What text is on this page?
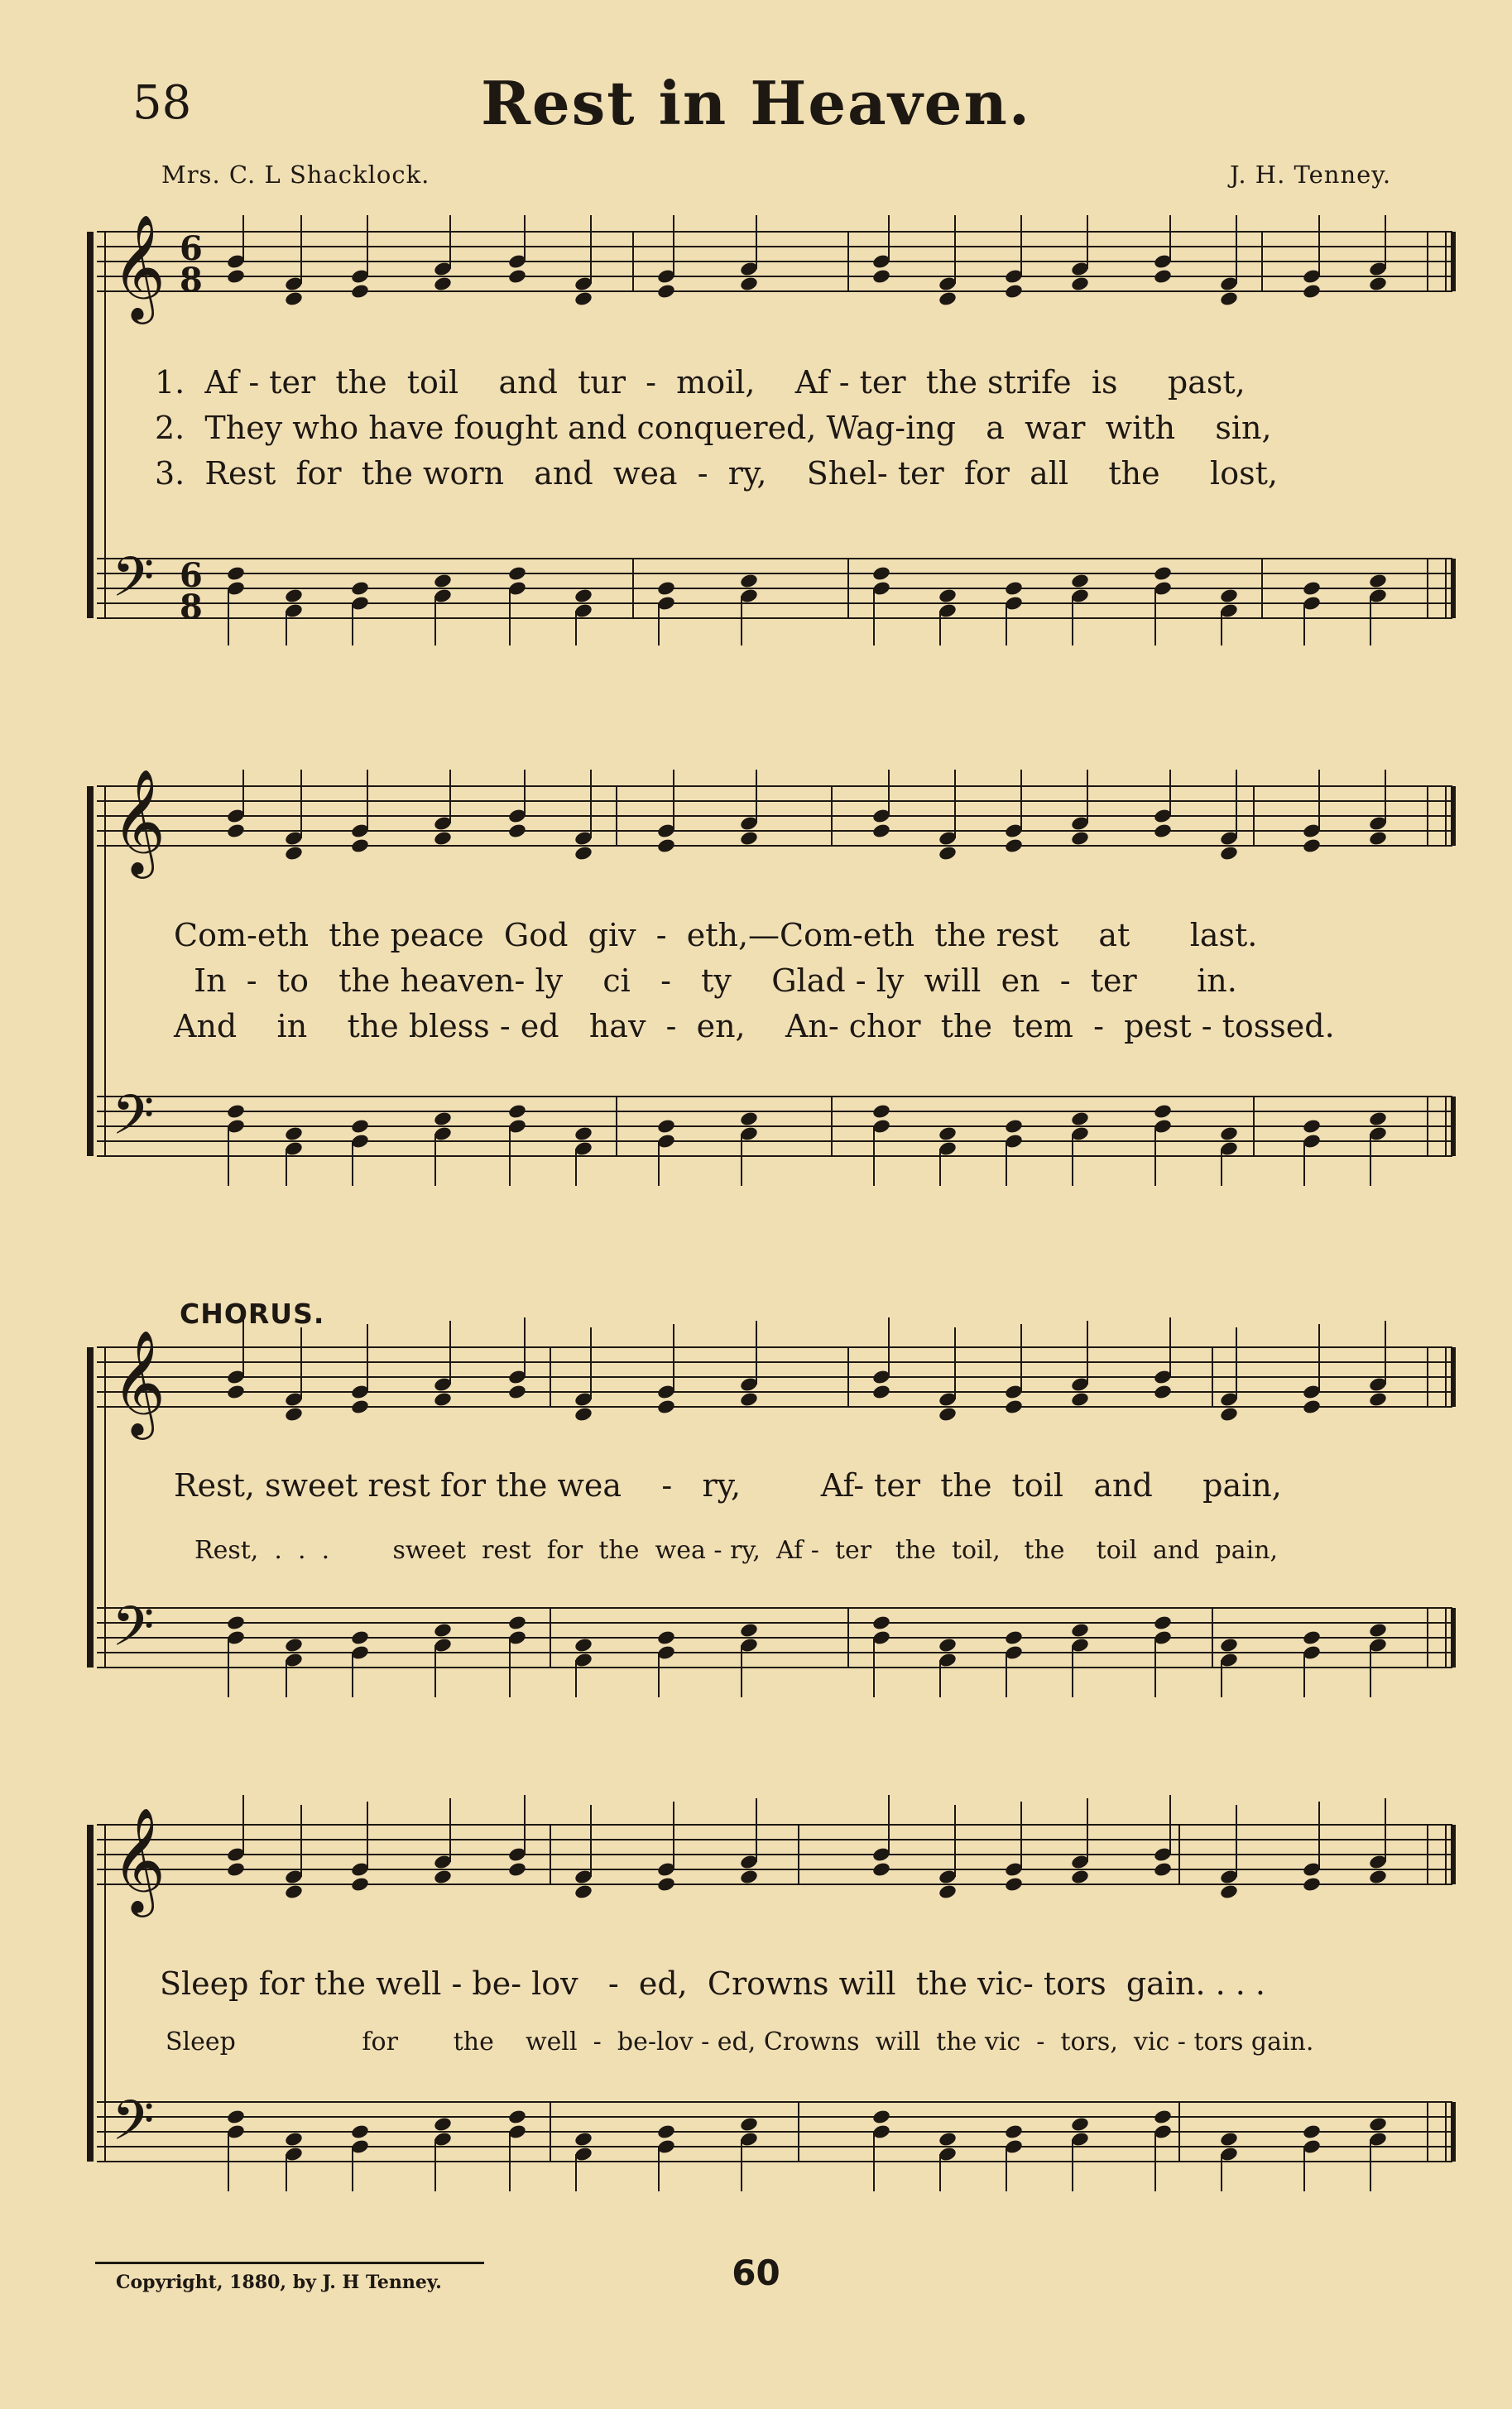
58	Rest in Heaven.
Mrs. C. L Shacklock.	J. H. Tenney.
𝄞
𝄢
6
8
6
8
1.  Af - ter  the  toil    and  tur  -  moil,    Af - ter  the strife  is     past,
2.  They who have fought and conquered, Wag-ing   a  war  with    sin,
3.  Rest  for  the worn   and  wea  -  ry,    Shel- ter  for  all    the     lost,
𝄞
𝄢
Com-eth  the peace  God  giv  -  eth,—Com-eth  the rest    at      last.
In  -  to   the heaven- ly    ci   -   ty    Glad - ly  will  en  -  ter      in.
And    in    the bless - ed   hav  -  en,    An- chor  the  tem  -  pest - tossed.
CHORUS.
𝄞
𝄢
Rest, sweet rest for the wea    -   ry,        Af- ter  the  toil   and     pain,
Rest,  .  .  .        sweet  rest  for  the  wea - ry,  Af -  ter   the  toil,   the    toil  and  pain,
𝄞
𝄢
Sleep for the well - be- lov   -  ed,  Crowns will  the vic- tors  gain. . . .
Sleep                for       the    well  -  be-lov - ed, Crowns  will  the vic  -  tors,  vic - tors gain.
Copyright, 1880, by J. H Tenney.	60
